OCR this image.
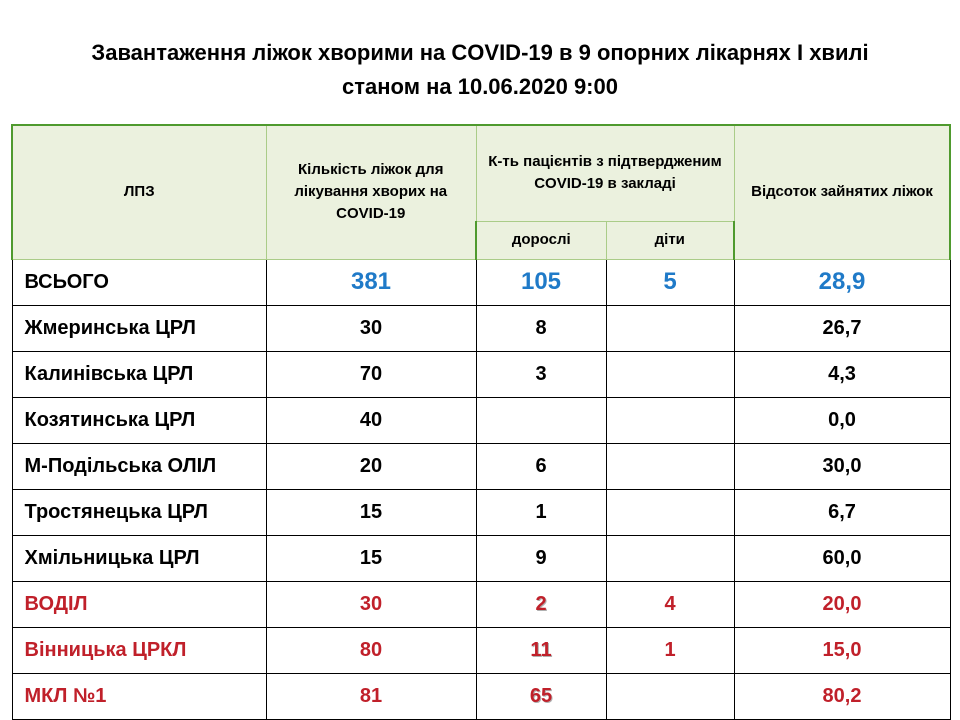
Завантаження ліжок хворими на COVID-19 в 9 опорних лікарнях І хвилі
станом на 10.06.2020 9:00
ЛПЗ	Кількість ліжок для лікування хворих на COVID-19	К-ть пацієнтів з підтвердженим COVID-19 в закладі		Відсоток зайнятих ліжок
		дорослі	діти	
ВСЬОГО	381	105	5	28,9
Жмеринська ЦРЛ	30	8		26,7
Калинівська ЦРЛ	70	3		4,3
Козятинська ЦРЛ	40			0,0
М-Подільська ОЛІЛ	20	6		30,0
Тростянецька ЦРЛ	15	1		6,7
Хмільницька ЦРЛ	15	9		60,0
ВОДІЛ	30	2	4	20,0
Вінницька ЦРКЛ	80	11	1	15,0
МКЛ №1	81	65		80,2
